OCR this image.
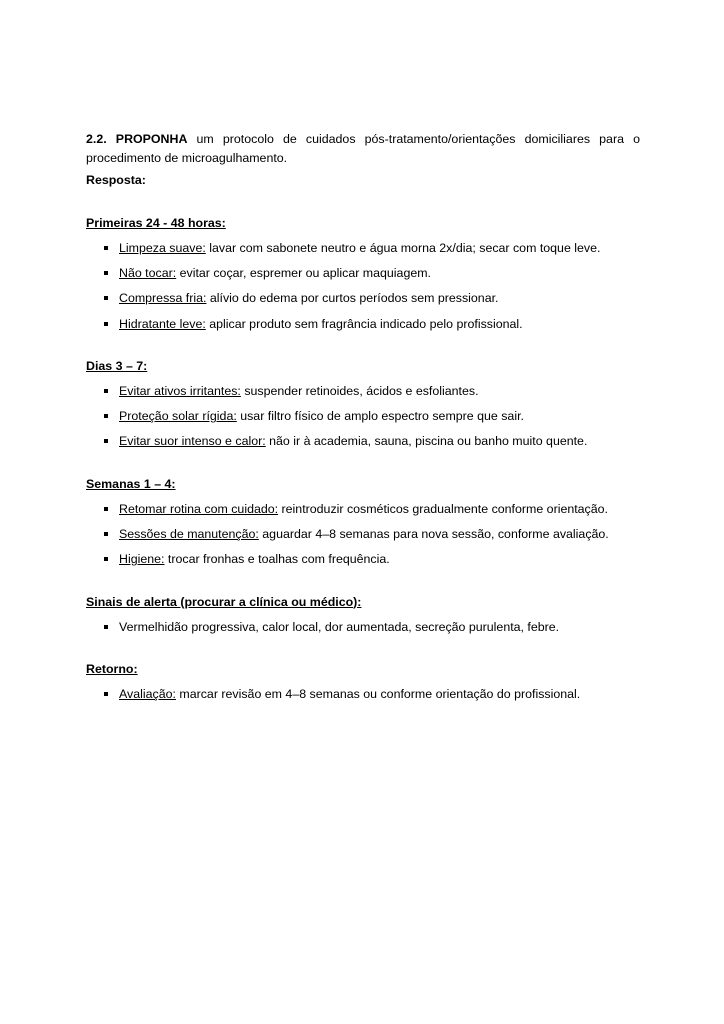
2.2. PROPONHA um protocolo de cuidados pós-tratamento/orientações domiciliares para o procedimento de microagulhamento.

Resposta:

Primeiras 24 - 48 horas:

Limpeza suave: lavar com sabonete neutro e água morna 2x/dia; secar com toque leve.
Não tocar: evitar coçar, espremer ou aplicar maquiagem.
Compressa fria: alívio do edema por curtos períodos sem pressionar.
Hidratante leve: aplicar produto sem fragrância indicado pelo profissional.

Dias 3 – 7:

Evitar ativos irritantes: suspender retinoides, ácidos e esfoliantes.
Proteção solar rígida: usar filtro físico de amplo espectro sempre que sair.
Evitar suor intenso e calor: não ir à academia, sauna, piscina ou banho muito quente.

Semanas 1 – 4:

Retomar rotina com cuidado: reintroduzir cosméticos gradualmente conforme orientação.
Sessões de manutenção: aguardar 4–8 semanas para nova sessão, conforme avaliação.
Higiene: trocar fronhas e toalhas com frequência.

Sinais de alerta (procurar a clínica ou médico):

Vermelhidão progressiva, calor local, dor aumentada, secreção purulenta, febre.

Retorno:

Avaliação: marcar revisão em 4–8 semanas ou conforme orientação do profissional.
